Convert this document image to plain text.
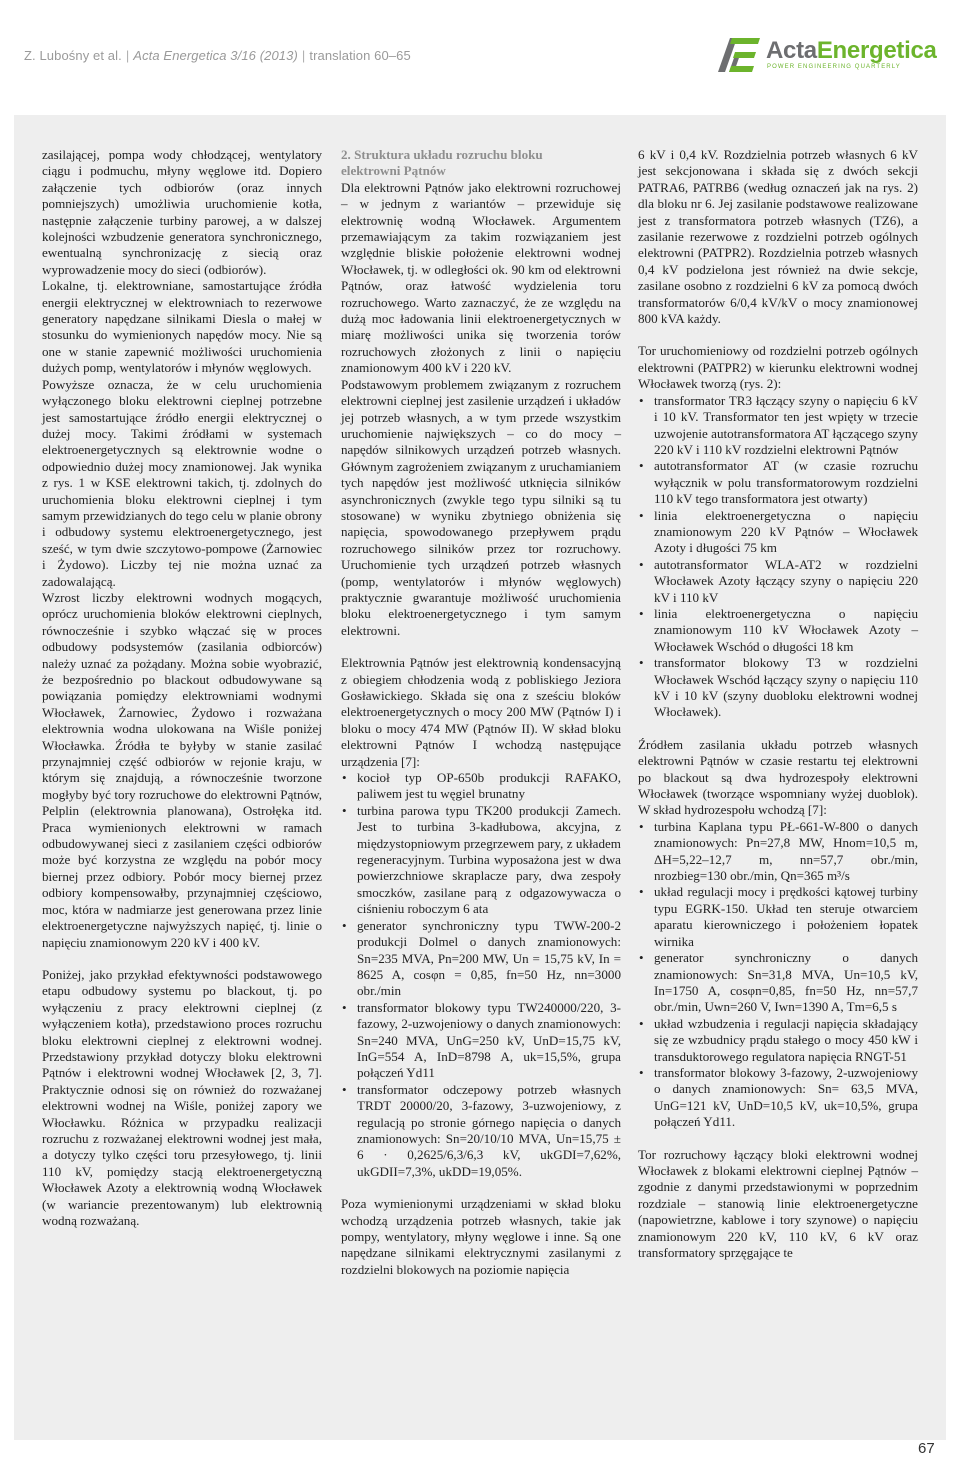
Z. Lubośny et al. | Acta Energetica 3/16 (2013) | translation 60–65	ActaEnergetica
POWER ENGINEERING QUARTERLY

zasilającej, pompa wody chłodzącej, wentylatory ciągu i podmuchu, młyny węglowe itd. Dopiero załączenie tych odbiorów (oraz innych pomniejszych) umożliwia uruchomienie kotła, następnie załączenie turbiny parowej, a w dalszej kolejności wzbudzenie generatora synchronicznego, ewentualną synchronizację z siecią oraz wyprowadzenie mocy do sieci (odbiorów).

Lokalne, tj. elektrowniane, samostartujące źródła energii elektrycznej w elektrowniach to rezerwowe generatory napędzane silnikami Diesla o małej w stosunku do wymienionych napędów mocy. Nie są one w stanie zapewnić możliwości uruchomienia dużych pomp, wentylatorów i młynów węglowych.

Powyższe oznacza, że w celu uruchomienia wyłączonego bloku elektrowni cieplnej potrzebne jest samostartujące źródło energii elektrycznej o dużej mocy. Takimi źródłami w systemach elektroenergetycznych są elektrownie wodne o odpowiednio dużej mocy znamionowej. Jak wynika z rys. 1 w KSE elektrowni takich, tj. zdolnych do uruchomienia bloku elektrowni cieplnej i tym samym przewidzianych do tego celu w planie obrony i odbudowy systemu elektroenergetycznego, jest sześć, w tym dwie szczytowo-pompowe (Żarnowiec i Żydowo). Liczby tej nie można uznać za zadowalającą.

Wzrost liczby elektrowni wodnych mogących, oprócz uruchomienia bloków elektrowni cieplnych, równocześnie i szybko włączać się w proces odbudowy podsystemów (zasilania odbiorców) należy uznać za pożądany. Można sobie wyobrazić, że bezpośrednio po blackout odbudowywane są powiązania pomiędzy elektrowniami wodnymi Włocławek, Żarnowiec, Żydowo i rozważana elektrownia wodna ulokowana na Wiśle poniżej Włocławka. Źródła te byłyby w stanie zasilać przynajmniej część odbiorów w rejonie kraju, w którym się znajdują, a równocześnie tworzone mogłyby być tory rozruchowe do elektrowni Pątnów, Pelplin (elektrownia planowana), Ostrołęka itd. Praca wymienionych elektrowni w ramach odbudowywanej sieci z zasilaniem części odbiorów może być korzystna ze względu na pobór mocy biernej przez odbiory. Pobór mocy biernej przez odbiory kompensowałby, przynajmniej częściowo, moc, która w nadmiarze jest generowana przez linie elektroenergetyczne najwyższych napięć, tj. linie o napięciu znamionowym 220 kV i 400 kV.

Poniżej, jako przykład efektywności podstawowego etapu odbudowy systemu po blackout, tj. po wyłączeniu z pracy elektrowni cieplnej (z wyłączeniem kotła), przedstawiono proces rozruchu bloku elektrowni cieplnej z elektrowni wodnej. Przedstawiony przykład dotyczy bloku elektrowni Pątnów i elektrowni wodnej Włocławek [2, 3, 7]. Praktycznie odnosi się on również do rozważanej elektrowni wodnej na Wiśle, poniżej zapory we Włocławku. Różnica w przypadku realizacji rozruchu z rozważanej elektrowni wodnej jest mała, a dotyczy tylko części toru przesyłowego, tj. linii 110 kV, pomiędzy stacją elektroenergetyczną Włocławek Azoty a elektrownią wodną Włocławek (w wariancie prezentowanym) lub elektrownią wodną rozważaną.

2. Struktura układu rozruchu bloku
elektrowni Pątnów

Dla elektrowni Pątnów jako elektrowni rozruchowej – w jednym z wariantów – przewiduje się elektrownię wodną Włocławek. Argumentem przemawiającym za takim rozwiązaniem jest względnie bliskie położenie elektrowni wodnej Włocławek, tj. w odległości ok. 90 km od elektrowni Pątnów, oraz łatwość wydzielenia toru rozruchowego. Warto zaznaczyć, że ze względu na dużą moc ładowania linii elektroenergetycznych w miarę możliwości unika się tworzenia torów rozruchowych złożonych z linii o napięciu znamionowym 400 kV i 220 kV.

Podstawowym problemem związanym z rozruchem elektrowni cieplnej jest zasilenie urządzeń i układów jej potrzeb własnych, a w tym przede wszystkim uruchomienie największych – co do mocy – napędów silnikowych urządzeń potrzeb własnych. Głównym zagrożeniem związanym z uruchamianiem tych napędów jest możliwość utknięcia silników asynchronicznych (zwykle tego typu silniki są tu stosowane) w wyniku zbytniego obniżenia się napięcia, spowodowanego przepływem prądu rozruchowego silników przez tor rozruchowy. Uruchomienie tych urządzeń potrzeb własnych (pomp, wentylatorów i młynów węglowych) praktycznie gwarantuje możliwość uruchomienia bloku elektroenergetycznego i tym samym elektrowni.

Elektrownia Pątnów jest elektrownią kondensacyjną z obiegiem chłodzenia wodą z pobliskiego Jeziora Gosławickiego. Składa się ona z sześciu bloków elektroenergetycznych o mocy 200 MW (Pątnów I) i bloku o mocy 474 MW (Pątnów II). W skład bloku elektrowni Pątnów I wchodzą następujące urządzenia [7]:

• kocioł typ OP-650b produkcji RAFAKO, paliwem jest tu węgiel brunatny
• turbina parowa typu TK200 produkcji Zamech. Jest to turbina 3-kadłubowa, akcyjna, z międzystopniowym przegrzewem pary, z układem regeneracyjnym. Turbina wyposażona jest w dwa powierzchniowe skraplacze pary, dwa zespoły smoczków, zasilane parą z odgazowywacza o ciśnieniu roboczym 6 ata
• generator synchroniczny typu TWW-200-2 produkcji Dolmel o danych znamionowych: Sn=235 MVA, Pn=200 MW, Un = 15,75 kV, In = 8625 A, cosφn = 0,85, fn=50 Hz, nn=3000 obr./min
• transformator blokowy typu TW240000/220, 3-fazowy, 2-uzwojeniowy o danych znamionowych: Sn=240 MVA, UnG=250 kV, UnD=15,75 kV, InG=554 A, InD=8798 A, uk=15,5%, grupa połączeń Yd11
• transformator odczepowy potrzeb własnych TRDT 20000/20, 3-fazowy, 3-uzwojeniowy, z regulacją po stronie górnego napięcia o danych znamionowych: Sn=20/10/10 MVA, Un=15,75 ± 6 · 0,2625/6,3/6,3 kV, ukGDI=7,62%, ukGDII=7,3%, ukDD=19,05%.

Poza wymienionymi urządzeniami w skład bloku wchodzą urządzenia potrzeb własnych, takie jak pompy, wentylatory, młyny węglowe i inne. Są one napędzane silnikami elektrycznymi zasilanymi z rozdzielni blokowych na poziomie napięcia

6 kV i 0,4 kV. Rozdzielnia potrzeb własnych 6 kV jest sekcjonowana i składa się z dwóch sekcji PATRA6, PATRB6 (według oznaczeń jak na rys. 2) dla bloku nr 6. Jej zasilanie podstawowe realizowane jest z transformatora potrzeb własnych (TZ6), a zasilanie rezerwowe z rozdzielni potrzeb ogólnych elektrowni (PATPR2). Rozdzielnia potrzeb własnych 0,4 kV podzielona jest również na dwie sekcje, zasilane osobno z rozdzielni 6 kV za pomocą dwóch transformatorów 6/0,4 kV/kV o mocy znamionowej 800 kVA każdy.

Tor uruchomieniowy od rozdzielni potrzeb ogólnych elektrowni (PATPR2) w kierunku elektrowni wodnej Włocławek tworzą (rys. 2):

• transformator TR3 łączący szyny o napięciu 6 kV i 10 kV. Transformator ten jest wpięty w trzecie uzwojenie autotransformatora AT łączącego szyny 220 kV i 110 kV rozdzielni elektrowni Pątnów
• autotransformator AT (w czasie rozruchu wyłącznik w polu transformatorowym rozdzielni 110 kV tego transformatora jest otwarty)
• linia elektroenergetyczna o napięciu znamionowym 220 kV Pątnów – Włocławek Azoty i długości 75 km
• autotransformator WLA-AT2 w rozdzielni Włocławek Azoty łączący szyny o napięciu 220 kV i 110 kV
• linia elektroenergetyczna o napięciu znamionowym 110 kV Włocławek Azoty – Włocławek Wschód o długości 18 km
• transformator blokowy T3 w rozdzielni Włocławek Wschód łączący szyny o napięciu 110 kV i 10 kV (szyny duoblоku elektrowni wodnej Włocławek).

Źródłem zasilania układu potrzeb własnych elektrowni Pątnów w czasie restartu tej elektrowni po blackout są dwa hydrozespoły elektrowni Włocławek (tworzące wspomniany wyżej duoblok). W skład hydrozespołu wchodzą [7]:

• turbina Kaplana typu PŁ-661-W-800 o danych znamionowych: Pn=27,8 MW, Hnom=10,5 m, ΔH=5,22–12,7 m, nn=57,7 obr./min, nrozbieg=130 obr./min, Qn=365 m³/s
• układ regulacji mocy i prędkości kątowej turbiny typu EGRK-150. Układ ten steruje otwarciem aparatu kierowniczego i położeniem łopatek wirnika
• generator synchroniczny o danych znamionowych: Sn=31,8 MVA, Un=10,5 kV, In=1750 A, cosφn=0,85, fn=50 Hz, nn=57,7 obr./min, Uwn=260 V, Iwn=1390 A, Tm=6,5 s
• układ wzbudzenia i regulacji napięcia składający się ze wzbudnicy prądu stałego o mocy 450 kW i transduktorowego regulatora napięcia RNGT-51
• transformator blokowy 3-fazowy, 2-uzwojeniowy o danych znamionowych: Sn= 63,5 MVA, UnG=121 kV, UnD=10,5 kV, uk=10,5%, grupa połączeń Yd11.

Tor rozruchowy łączący bloki elektrowni wodnej Włocławek z blokami elektrowni cieplnej Pątnów – zgodnie z danymi przedstawionymi w poprzednim rozdziale – stanowią linie elektroenergetyczne (napowietrzne, kablowe i tory szynowe) o napięciu znamionowym 220 kV, 110 kV, 6 kV oraz transformatory sprzęgające te

67
